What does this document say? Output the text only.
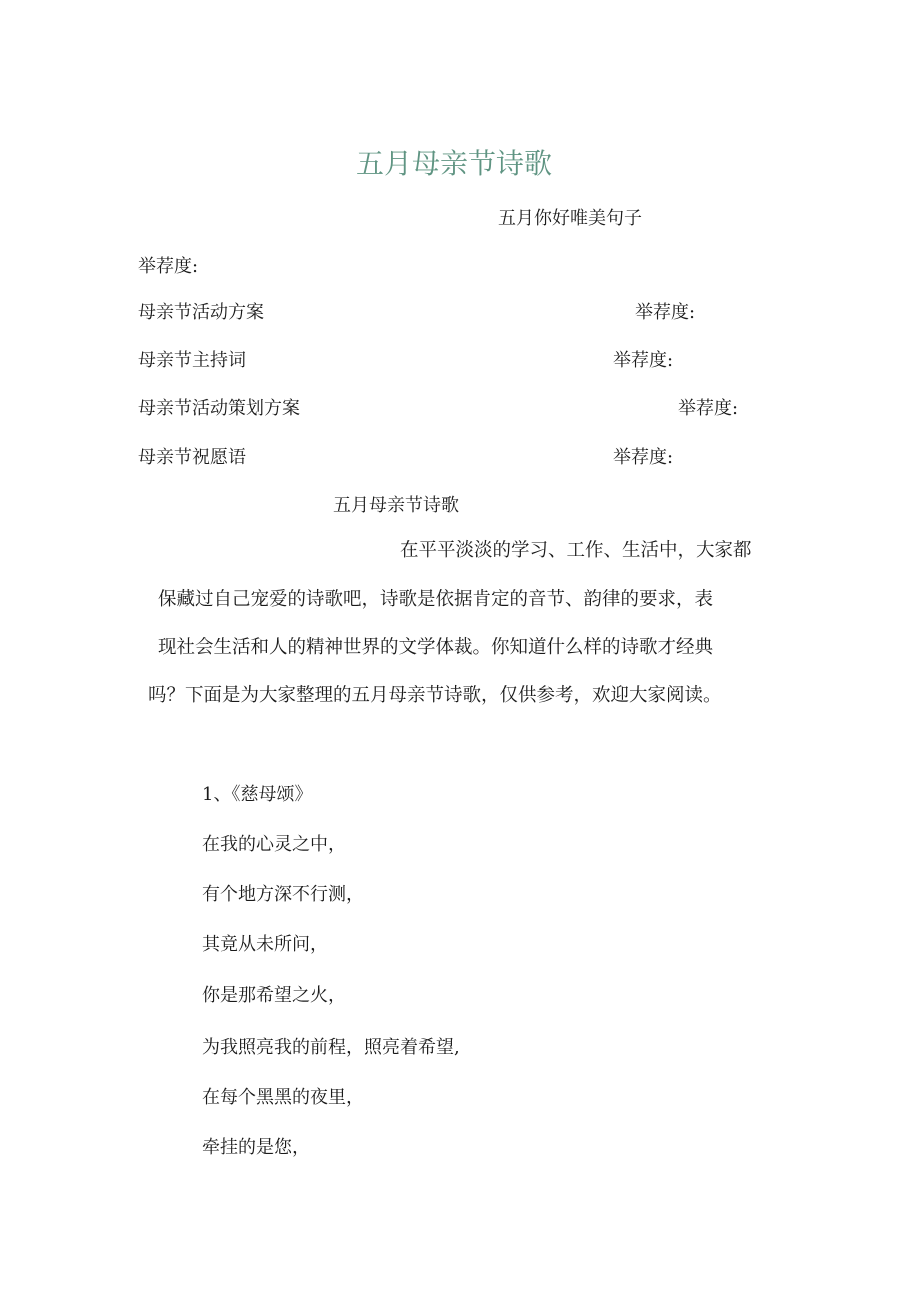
五月母亲节诗歌
五月你好唯美句子
举荐度:
母亲节活动方案	举荐度:
母亲节主持词	举荐度:
母亲节活动策划方案	举荐度:
母亲节祝愿语	举荐度:
五月母亲节诗歌
在平平淡淡的学习、工作、生活中，大家都
保藏过自己宠爱的诗歌吧，诗歌是依据肯定的音节、韵律的要求，表
现社会生活和人的精神世界的文学体裁。你知道什么样的诗歌才经典
吗？下面是为大家整理的五月母亲节诗歌，仅供参考，欢迎大家阅读。
1、《慈母颂》
在我的心灵之中，
有个地方深不行测，
其竟从未所问，
你是那希望之火，
为我照亮我的前程，照亮着希望,
在每个黑黑的夜里，
牵挂的是您，
